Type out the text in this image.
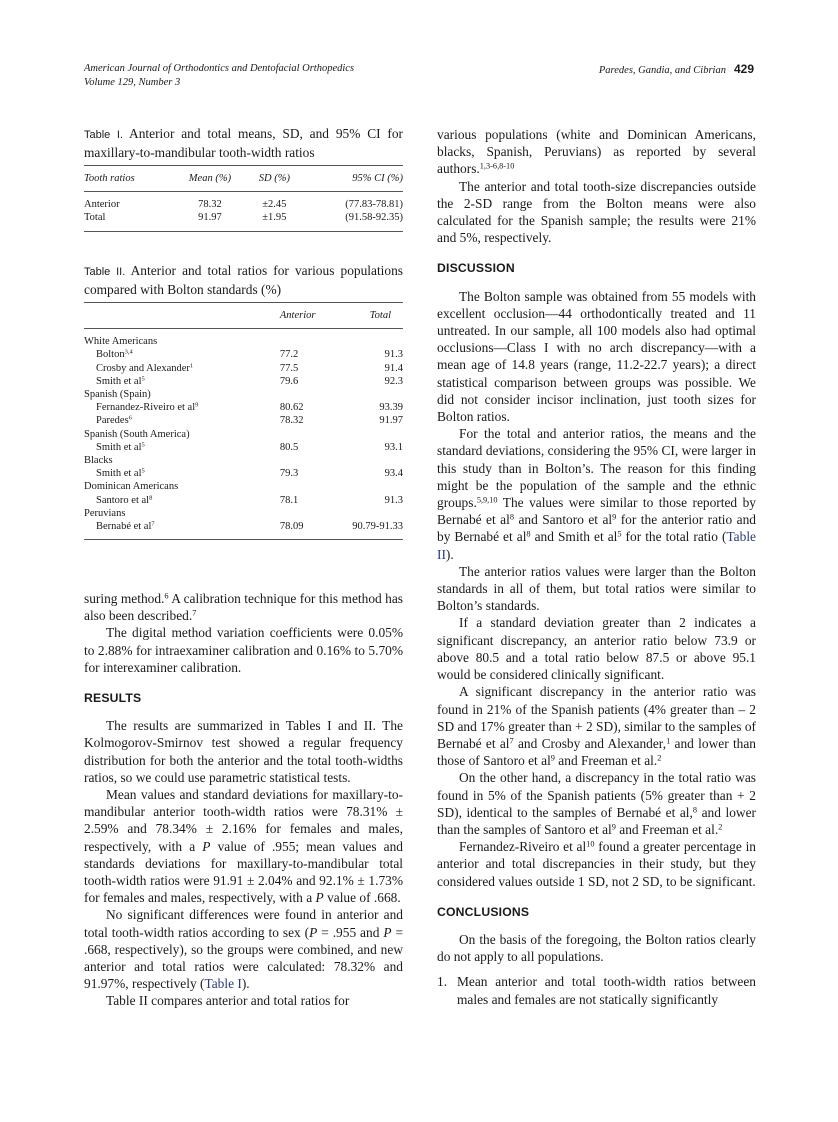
American Journal of Orthodontics and Dentofacial Orthopedics
Volume 129, Number 3
Paredes, Gandia, and Cibrian 429
Table I. Anterior and total means, SD, and 95% CI for maxillary-to-mandibular tooth-width ratios
Tooth ratios	Mean (%)	SD (%)	95% CI (%)
Anterior	78.32	±2.45	(77.83-78.81)
Total	91.97	±1.95	(91.58-92.35)
Table II. Anterior and total ratios for various populations compared with Bolton standards (%)
	Anterior	Total
White Americans		
Bolton$^{3,4}$	77.2	91.3
Crosby and Alexander$^1$	77.5	91.4
Smith et $al^5$	79.6	92.3
Spanish (Spain)		
Fernandez-Riveiro et $al^9$	80.62	93.39
Paredes$^6$	78.32	91.97
Spanish (South America)		
Smith et $al^5$	80.5	93.1
Blacks		
Smith et $al^5$	79.3	93.4
Dominican Americans		
Santoro et $al^8$	78.1	91.3
Peruvians		
Bernabé et $al^7$	78.09	90.79-91.33

suring method.$^6$ A calibration technique for this method has also been described.$^7$

The digital method variation coefficients were 0.05% to 2.88% for intraexaminer calibration and 0.16% to 5.70% for interexaminer calibration.

RESULTS

The results are summarized in Tables I and II. The Kolmogorov-Smirnov test showed a regular frequency distribution for both the anterior and the total tooth-widths ratios, so we could use parametric statistical tests.

Mean values and standard deviations for maxillary-to-mandibular anterior tooth-width ratios were 78.31% ± 2.59% and 78.34% ± 2.16% for females and males, respectively, with a P value of .955; mean values and standards deviations for maxillary-to-mandibular total tooth-width ratios were 91.91 ± 2.04% and 92.1% ± 1.73% for females and males, respectively, with a P value of .668.

No significant differences were found in anterior and total tooth-width ratios according to sex (P = .955 and P = .668, respectively), so the groups were combined, and new anterior and total ratios were calculated: 78.32% and 91.97%, respectively (Table I).

Table II compares anterior and total ratios for

various populations (white and Dominican Americans, blacks, Spanish, Peruvians) as reported by several authors.$^{1,3-6,8-10}$

The anterior and total tooth-size discrepancies outside the 2-SD range from the Bolton means were also calculated for the Spanish sample; the results were 21% and 5%, respectively.

DISCUSSION

The Bolton sample was obtained from 55 models with excellent occlusion—44 orthodontically treated and 11 untreated. In our sample, all 100 models also had optimal occlusions—Class I with no arch discrepancy—with a mean age of 14.8 years (range, 11.2-22.7 years); a direct statistical comparison between groups was possible. We did not consider incisor inclination, just tooth sizes for Bolton ratios.

For the total and anterior ratios, the means and the standard deviations, considering the 95% CI, were larger in this study than in Bolton’s. The reason for this finding might be the population of the sample and the ethnic groups.$^{5,9,10}$ The values were similar to those reported by Bernabé et $al^8$ and Santoro et $al^9$ for the anterior ratio and by Bernabé et $al^8$ and Smith et $al^5$ for the total ratio (Table II).

The anterior ratios values were larger than the Bolton standards in all of them, but total ratios were similar to Bolton’s standards.

If a standard deviation greater than 2 indicates a significant discrepancy, an anterior ratio below 73.9 or above 80.5 and a total ratio below 87.5 or above 95.1 would be considered clinically significant.

A significant discrepancy in the anterior ratio was found in 21% of the Spanish patients (4% greater than – 2 SD and 17% greater than + 2 SD), similar to the samples of Bernabé et $al^7$ and Crosby and Alexander,$^1$ and lower than those of Santoro et $al^9$ and Freeman et al.$^2$

On the other hand, a discrepancy in the total ratio was found in 5% of the Spanish patients (5% greater than + 2 SD), identical to the samples of Bernabé et al,$^8$ and lower than the samples of Santoro et $al^9$ and Freeman et al.$^2$

Fernandez-Riveiro et $al^{10}$ found a greater percentage in anterior and total discrepancies in their study, but they considered values outside 1 SD, not 2 SD, to be significant.

CONCLUSIONS

On the basis of the foregoing, the Bolton ratios clearly do not apply to all populations.

1. Mean anterior and total tooth-width ratios between males and females are not statically significantly
